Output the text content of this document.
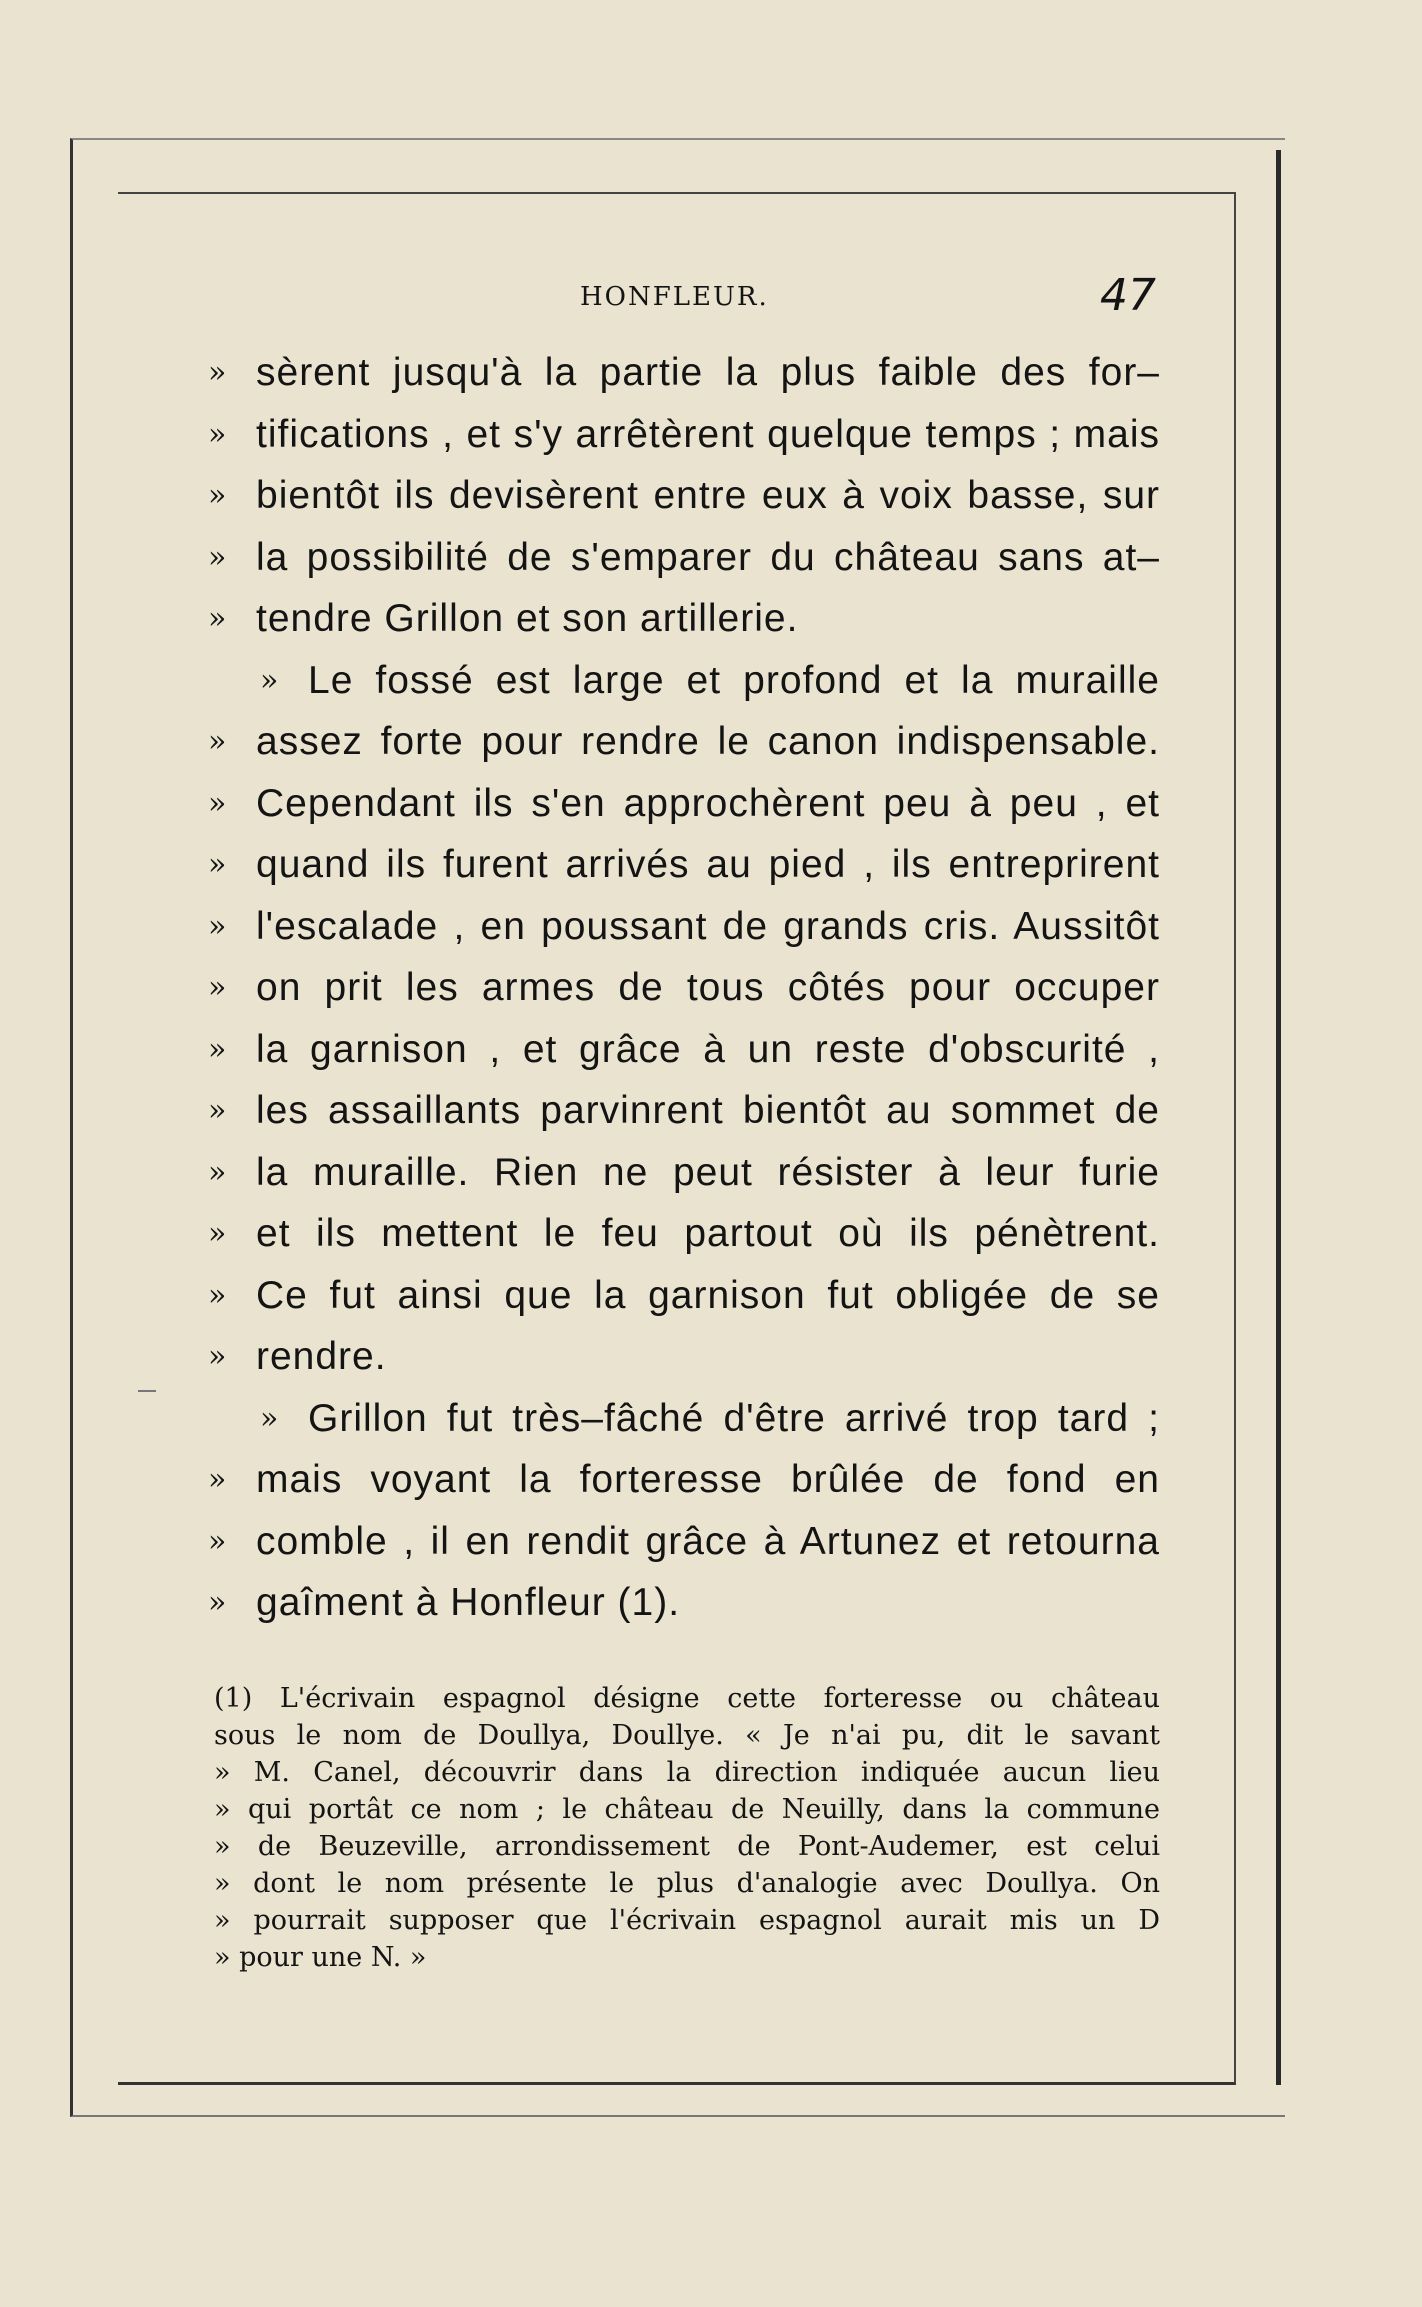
HONFLEUR.	47
» sèrent jusqu'à la partie la plus faible des for–
» tifications , et s'y arrêtèrent quelque temps ; mais
» bientôt ils devisèrent entre eux à voix basse, sur
» la possibilité de s'emparer du château sans at–
» tendre Grillon et son artillerie.
» Le fossé est large et profond et la muraille
» assez forte pour rendre le canon indispensable.
» Cependant ils s'en approchèrent peu à peu , et
» quand ils furent arrivés au pied , ils entreprirent
» l'escalade , en poussant de grands cris. Aussitôt
» on prit les armes de tous côtés pour occuper
» la garnison , et grâce à un reste d'obscurité ,
» les assaillants parvinrent bientôt au sommet de
» la muraille. Rien ne peut résister à leur furie
» et ils mettent le feu partout où ils pénètrent.
» Ce fut ainsi que la garnison fut obligée de se
» rendre.
» Grillon fut très–fâché d'être arrivé trop tard ;
» mais voyant la forteresse brûlée de fond en
» comble , il en rendit grâce à Artunez et retourna
» gaîment à Honfleur (1).
(1) L'écrivain espagnol désigne cette forteresse ou château
sous le nom de Doullya, Doullye. « Je n'ai pu, dit le savant
» M. Canel, découvrir dans la direction indiquée aucun lieu
» qui portât ce nom ; le château de Neuilly, dans la commune
» de Beuzeville, arrondissement de Pont-Audemer, est celui
» dont le nom présente le plus d'analogie avec Doullya. On
» pourrait supposer que l'écrivain espagnol aurait mis un D
» pour une N. »
